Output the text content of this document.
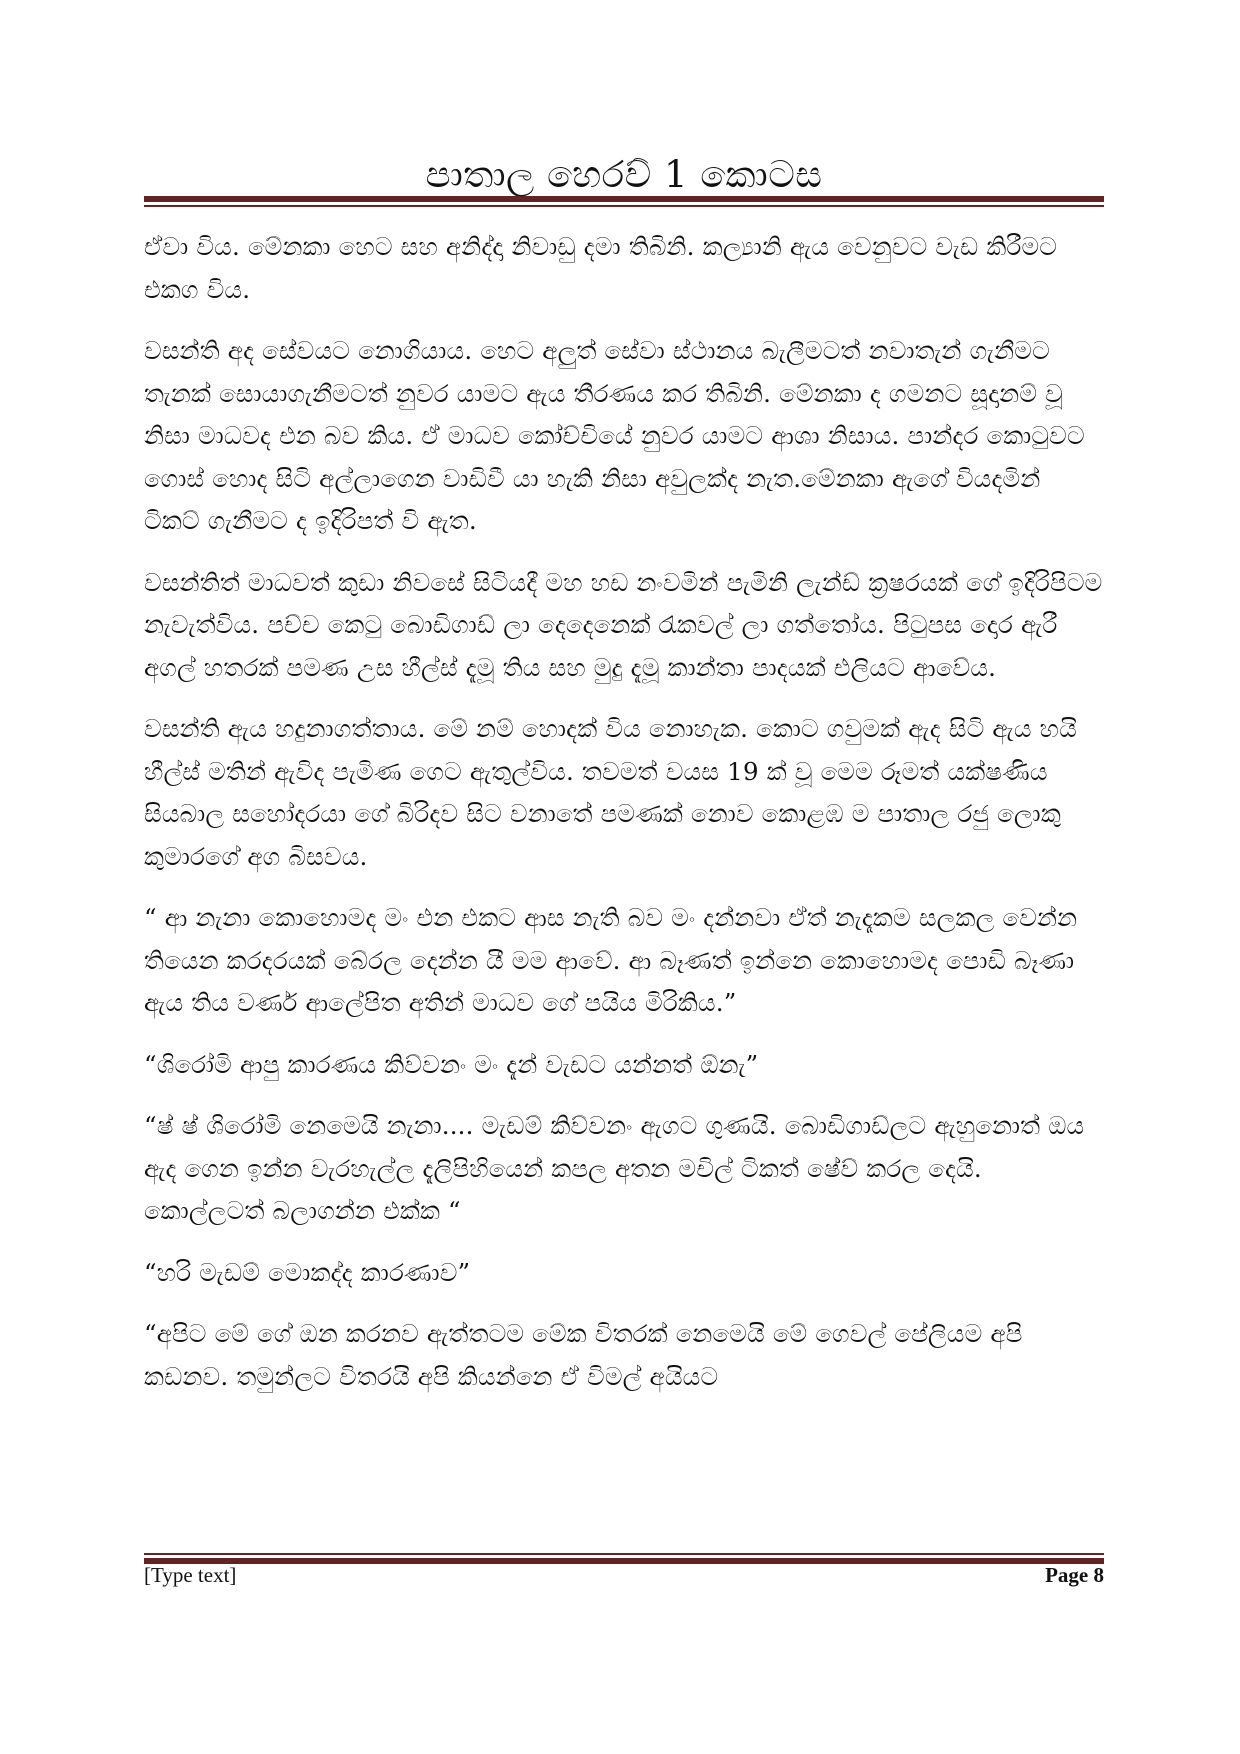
පාතාල හෙරව් 1 කොටස

ඒවා විය. මේනකා හෙට සහ අනිද්දා නිවාඩු දමා තිබිනි. කල්‍යානි ඇය වෙනුවට වැඩ කිරීමට එකග විය.

වසන්ති අද සේවයට නොගියාය. හෙට අලුත් සේවා ස්ථානය බැලීමටත් නවාතැන් ගැනීමට තැනක් සොයාගැනීමටත් නුවර යාමට ඇය තීරණය කර තිබිනි. මේනකා ද ගමනට සූදානම් වූ නිසා මාධවද එන බව කිය. ඒ මාධව කෝච්චියේ නුවර යාමට ආශා නිසාය. පාන්දර කොටුවට ගොස් හොද සිටි අල්ලාගෙන වාඩිවී යා හැකි නිසා අවුලක්ද නැත.මේනකා ඇගේ වියදමින් ටිකට් ගැනීමට ද ඉදිරිපත් වි ඇත.

වසන්තිත් මාධවත් කුඩා නිවසේ සිටියදී මහ හඩ නංවමින් පැමිනි ලැන්ඩ් ක්‍රෂරයක් ගේ ඉදිරිපිටම නැවැත්විය. පච්ච කෙටු බොඩිගාඩ් ලා දෙදෙනෙක් රැකවල් ලා ගත්තෝය. පිටුපස දොර ඇරී අගල් හතරක් පමණ උස හීල්ස් දැමූ තිය සහ මුදු දැමූ කාන්තා පාදයක් එලියට ආවේය.

වසන්ති ඇය හදුනාගත්තාය. මේ නම් හොදක් විය නොහැක. කොට ගවුමක් ඇද සිටි ඇය හයි හීල්ස් මතින් ඇවිද පැමිණ ගෙට ඇතුල්විය. තවමත් වයස 19 ක් වූ මෙම රූමත් යක්ෂණිය සියබාල සහෝදරයා ගේ බිරිදව සිට වනාතේ පමණක් නොව කොළඹ ම පාතාල රජු ලොකු කුමාරගේ අග බිසවය.

“ ආ නැනා කොහොමද මං එන එකට ආස නැති බව මං දන්නවා ඒත් නැදෑකම සලකල වෙන්න තියෙන කරදරයක් බේරල දෙන්න යී මම ආවේ. ආ බෑණත් ඉන්නෙ කොහොමද පොඩි බෑණා ඇය තිය වර්ණ ආලේපිත අතින් මාධව ගේ පයිය මිරිකිය.”

“ශිරෝමි ආපු කාරණය කිව්වනං මං දැන් වැඩට යන්නත් ඕනැ”

“ෂ් ෂ් ශිරෝමි නෙමෙයි නැනා.... මැඩම් කිව්වනං ඇගට ගුණයි. බොඩිගාඩ්ලට ඇහුනොත් ඔය ඇද ගෙන ඉන්න වැරහැල්ල දැලිපිහියෙන් කපල අතන මචිල් ටිකත් ෂේව් කරල දෙයි. කොල්ලටත් බලාගන්න එක්ක “

“හරි මැඩම් මොකද්ද කාරණාව”

“අපිට මේ ගේ ඔන කරනව ඇත්තටම මේක විතරක් නෙමෙයි මේ ගෙවල් පේලියම අපි කඩනව. තමුන්ලට විතරයි අපි කියන්නෙ ඒ විමල් අයියට

[Type text]	Page 8
